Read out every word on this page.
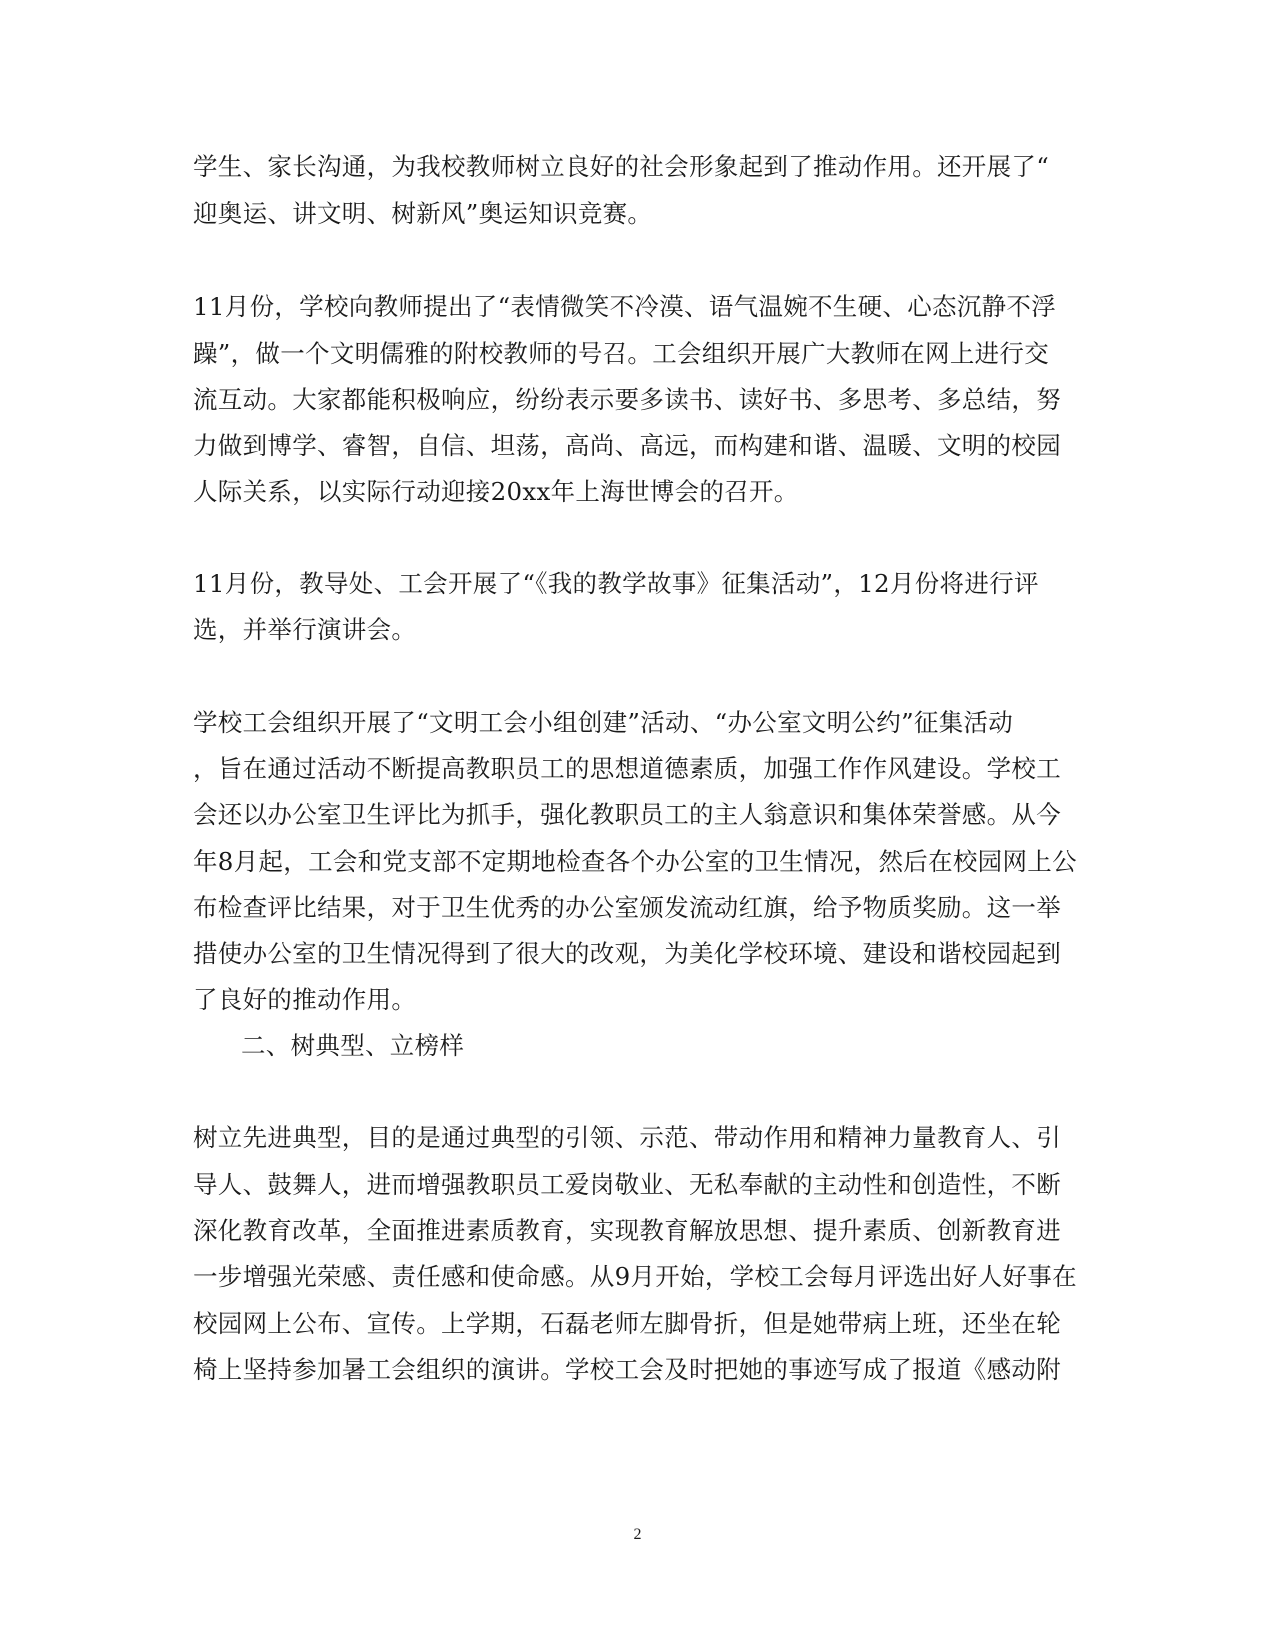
学生、家长沟通，为我校教师树立良好的社会形象起到了推动作用。还开展了“
迎奥运、讲文明、树新风”奥运知识竞赛。
11月份，学校向教师提出了“表情微笑不冷漠、语气温婉不生硬、心态沉静不浮
躁”，做一个文明儒雅的附校教师的号召。工会组织开展广大教师在网上进行交
流互动。大家都能积极响应，纷纷表示要多读书、读好书、多思考、多总结，努
力做到博学、睿智，自信、坦荡，高尚、高远，而构建和谐、温暖、文明的校园
人际关系，以实际行动迎接20xx年上海世博会的召开。
11月份，教导处、工会开展了“《我的教学故事》征集活动”，12月份将进行评
选，并举行演讲会。
学校工会组织开展了“文明工会小组创建”活动、“办公室文明公约”征集活动
，旨在通过活动不断提高教职员工的思想道德素质，加强工作作风建设。学校工
会还以办公室卫生评比为抓手，强化教职员工的主人翁意识和集体荣誉感。从今
年8月起，工会和党支部不定期地检查各个办公室的卫生情况，然后在校园网上公
布检查评比结果，对于卫生优秀的办公室颁发流动红旗，给予物质奖励。这一举
措使办公室的卫生情况得到了很大的改观，为美化学校环境、建设和谐校园起到
了良好的推动作用。
二、树典型、立榜样
树立先进典型，目的是通过典型的引领、示范、带动作用和精神力量教育人、引
导人、鼓舞人，进而增强教职员工爱岗敬业、无私奉献的主动性和创造性，不断
深化教育改革，全面推进素质教育，实现教育解放思想、提升素质、创新教育进
一步增强光荣感、责任感和使命感。从9月开始，学校工会每月评选出好人好事在
校园网上公布、宣传。上学期，石磊老师左脚骨折，但是她带病上班，还坐在轮
椅上坚持参加暑工会组织的演讲。学校工会及时把她的事迹写成了报道《感动附
2
